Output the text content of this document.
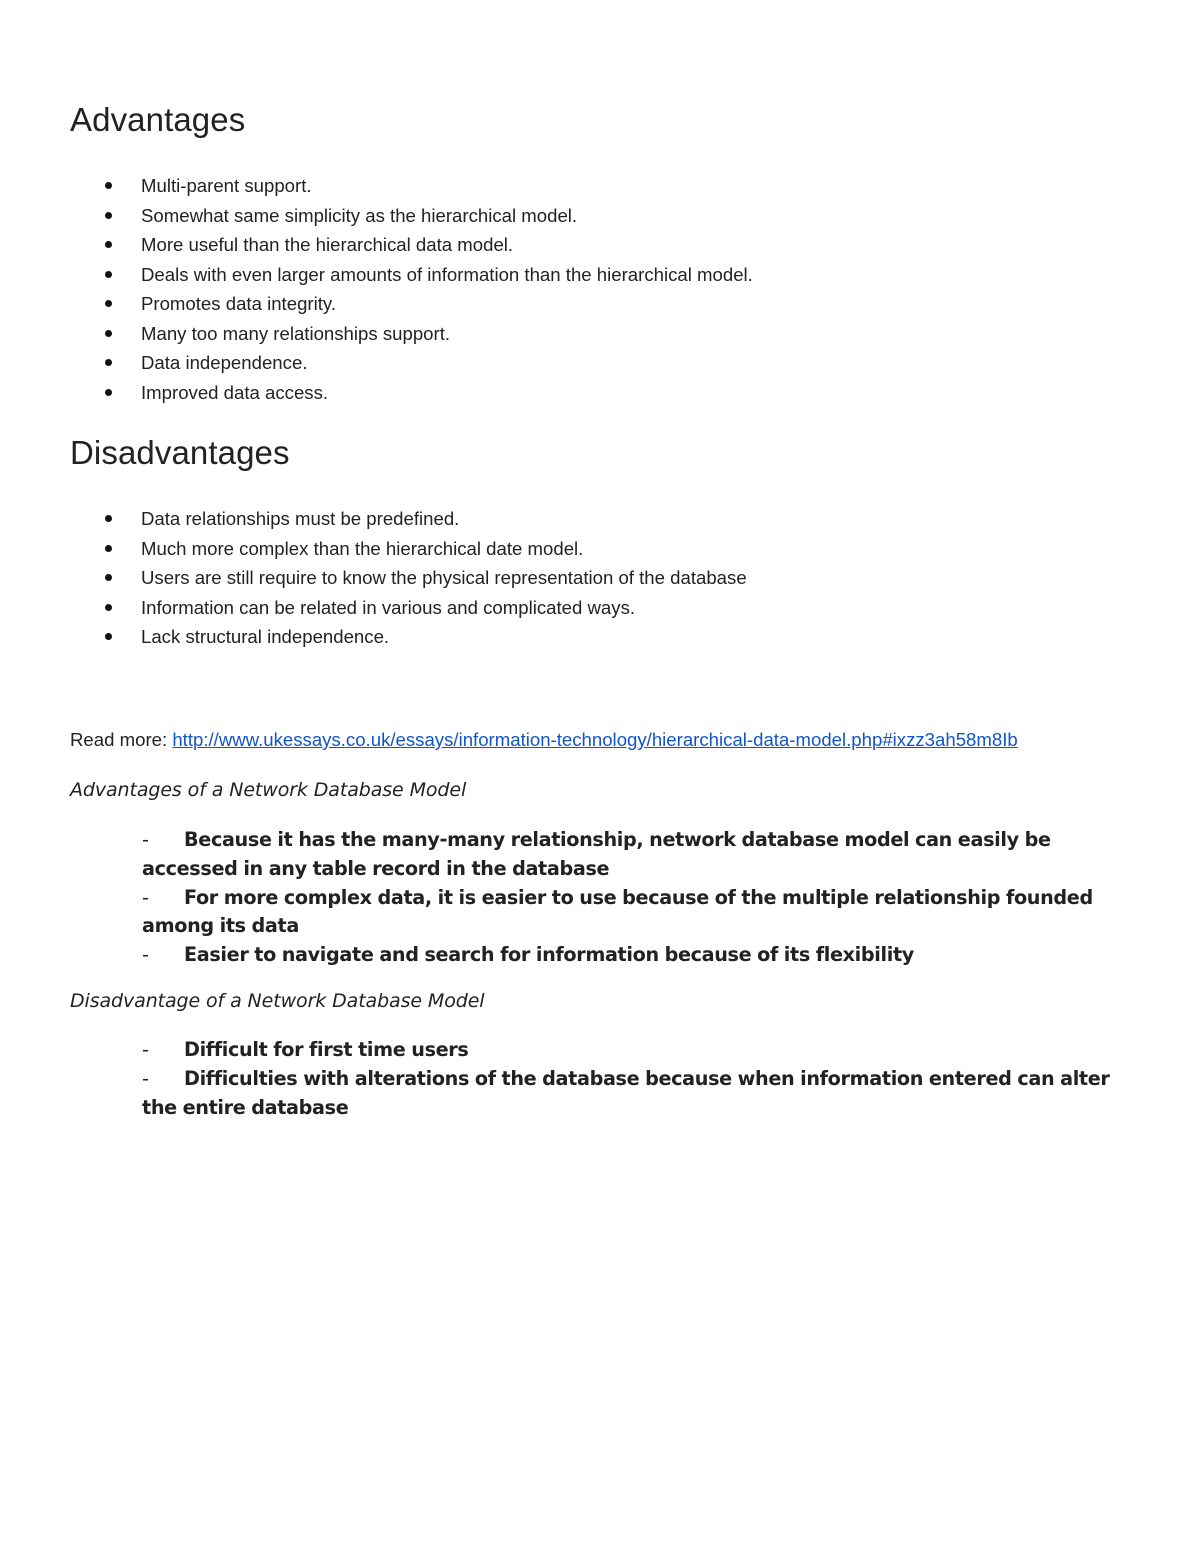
Advantages
Multi-parent support.
Somewhat same simplicity as the hierarchical model.
More useful than the hierarchical data model.
Deals with even larger amounts of information than the hierarchical model.
Promotes data integrity.
Many too many relationships support.
Data independence.
Improved data access.
Disadvantages
Data relationships must be predefined.
Much more complex than the hierarchical date model.
Users are still require to know the physical representation of the database
Information can be related in various and complicated ways.
Lack structural independence.
Read more: http://www.ukessays.co.uk/essays/information-technology/hierarchical-data-model.php#ixzz3ah58m8Ib
Advantages of a Network Database Model
-	Because it has the many-many relationship, network database model can easily be accessed in any table record in the database
-	For more complex data, it is easier to use because of the multiple relationship founded among its data
-	Easier to navigate and search for information because of its flexibility
Disadvantage of a Network Database Model
-	Difficult for first time users
-	Difficulties with alterations of the database because when information entered can alter the entire database
